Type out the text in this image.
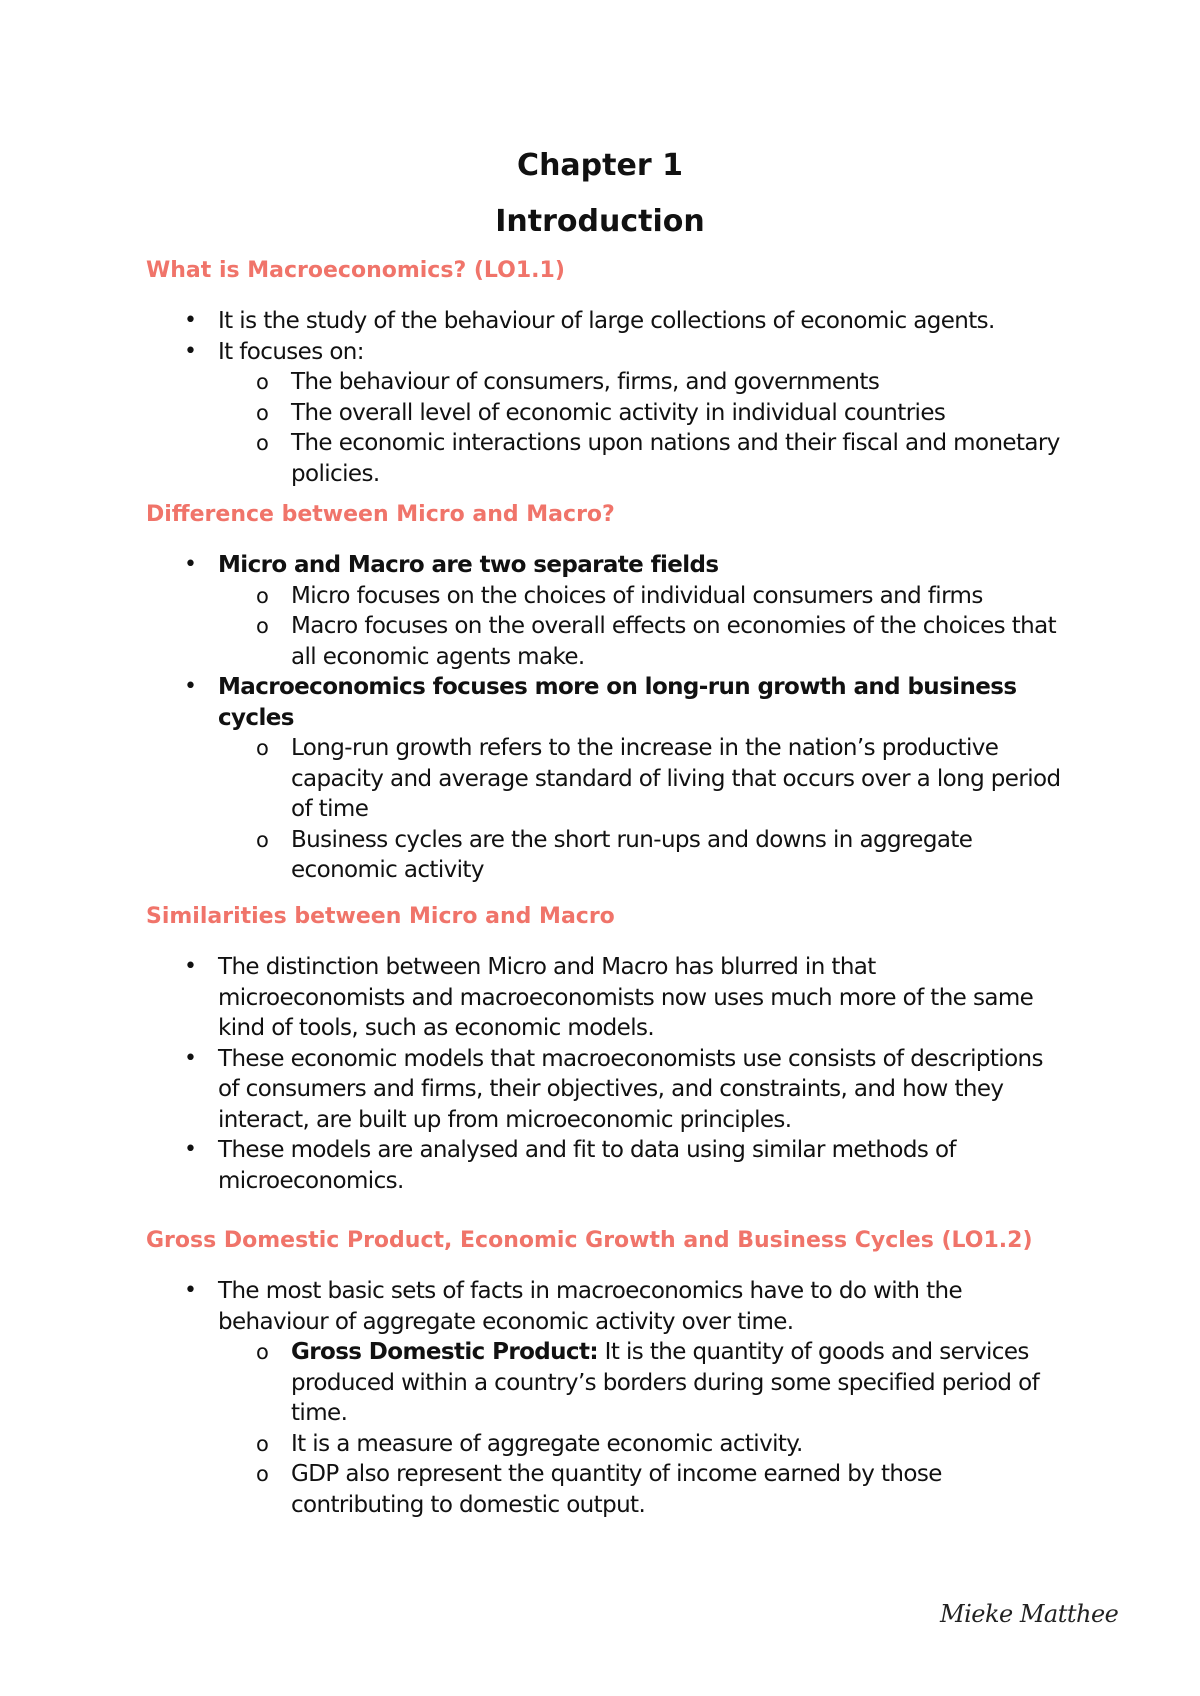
Chapter 1
Introduction
What is Macroeconomics? (LO1.1)
• It is the study of the behaviour of large collections of economic agents.
• It focuses on:
o The behaviour of consumers, firms, and governments
o The overall level of economic activity in individual countries
o The economic interactions upon nations and their fiscal and monetary policies.
Difference between Micro and Macro?
• Micro and Macro are two separate fields
o Micro focuses on the choices of individual consumers and firms
o Macro focuses on the overall effects on economies of the choices that all economic agents make.
• Macroeconomics focuses more on long-run growth and business cycles
o Long-run growth refers to the increase in the nation’s productive capacity and average standard of living that occurs over a long period of time
o Business cycles are the short run-ups and downs in aggregate economic activity
Similarities between Micro and Macro
• The distinction between Micro and Macro has blurred in that microeconomists and macroeconomists now uses much more of the same kind of tools, such as economic models.
• These economic models that macroeconomists use consists of descriptions of consumers and firms, their objectives, and constraints, and how they interact, are built up from microeconomic principles.
• These models are analysed and fit to data using similar methods of microeconomics.
Gross Domestic Product, Economic Growth and Business Cycles (LO1.2)
• The most basic sets of facts in macroeconomics have to do with the behaviour of aggregate economic activity over time.
o Gross Domestic Product: It is the quantity of goods and services produced within a country’s borders during some specified period of time.
o It is a measure of aggregate economic activity.
o GDP also represent the quantity of income earned by those contributing to domestic output.
Mieke Matthee
